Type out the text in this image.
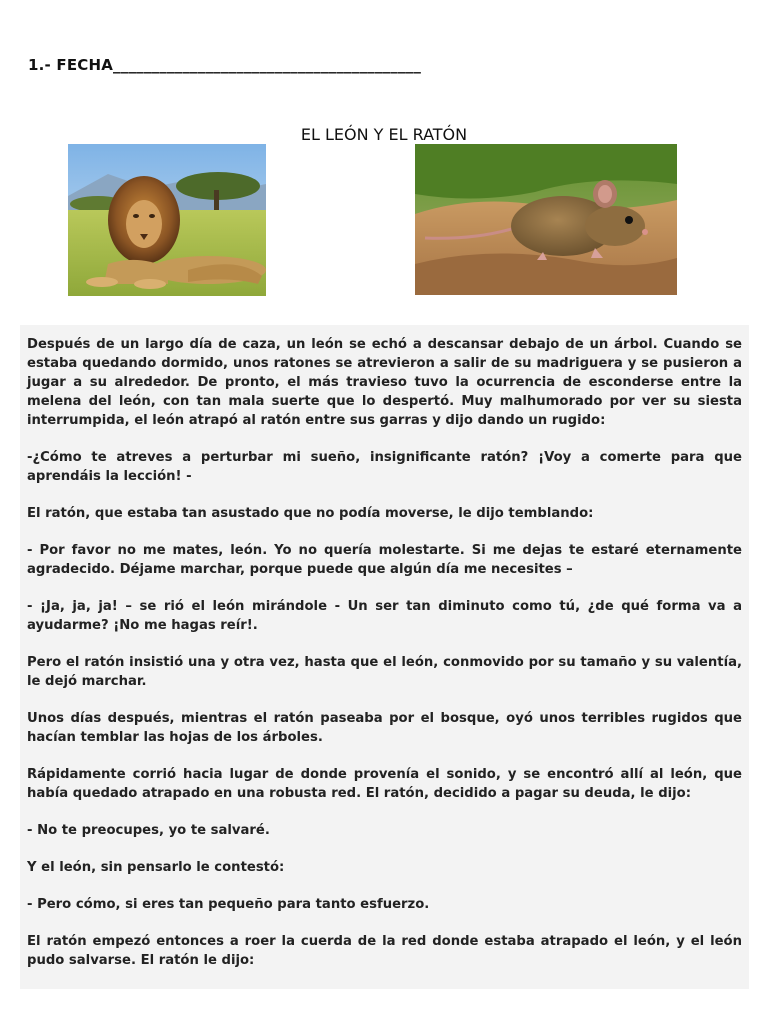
1.- FECHA________________________________________
EL LEÓN Y EL RATÓN

Después de un largo día de caza, un león se echó a descansar debajo de un árbol. Cuando se estaba quedando dormido, unos ratones se atrevieron a salir de su madriguera y se pusieron a jugar a su alrededor. De pronto, el más travieso tuvo la ocurrencia de esconderse entre la melena del león, con tan mala suerte que lo despertó. Muy malhumorado por ver su siesta interrumpida, el león atrapó al ratón entre sus garras y dijo dando un rugido:

-¿Cómo te atreves a perturbar mi sueño, insignificante ratón? ¡Voy a comerte para que aprendáis la lección! -

El ratón, que estaba tan asustado que no podía moverse, le dijo temblando:

- Por favor no me mates, león. Yo no quería molestarte. Si me dejas te estaré eternamente agradecido. Déjame marchar, porque puede que algún día me necesites –

- ¡Ja, ja, ja! – se rió el león mirándole - Un ser tan diminuto como tú, ¿de qué forma va a ayudarme? ¡No me hagas reír!.

Pero el ratón insistió una y otra vez, hasta que el león, conmovido por su tamaño y su valentía, le dejó marchar.

Unos días después, mientras el ratón paseaba por el bosque, oyó unos terribles rugidos que hacían temblar las hojas de los árboles.

Rápidamente corrió hacia lugar de donde provenía el sonido, y se encontró allí al león, que había quedado atrapado en una robusta red. El ratón, decidido a pagar su deuda, le dijo:

- No te preocupes, yo te salvaré.

Y el león, sin pensarlo le contestó:

- Pero cómo, si eres tan pequeño para tanto esfuerzo.

El ratón empezó entonces a roer la cuerda de la red donde estaba atrapado el león, y el león pudo salvarse. El ratón le dijo:
